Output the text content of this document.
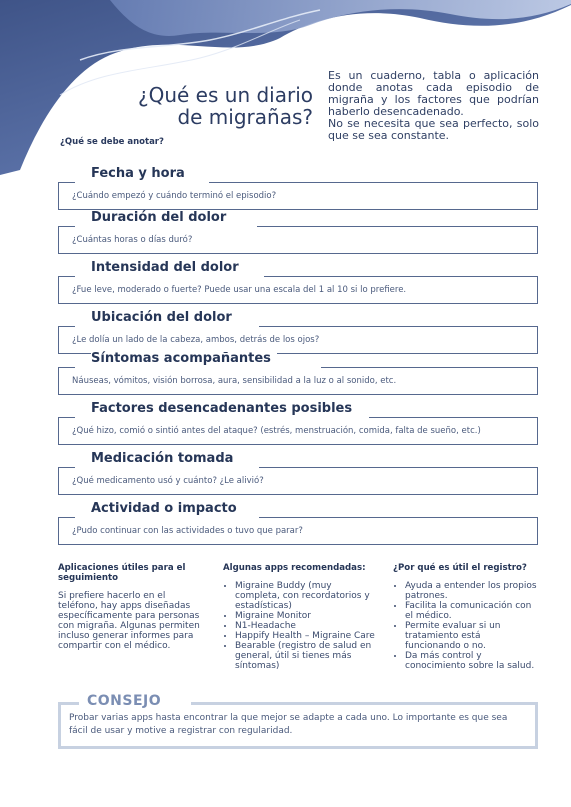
¿Qué es un diario
de migrañas?

Es un cuaderno, tabla o aplicación donde anotas cada episodio de migraña y los factores que podrían haberlo desencadenado.

No se necesita que sea perfecto, solo que se sea constante.

¿Qué se debe anotar?
Fecha y hora
¿Cuándo empezó y cuándo terminó el episodio?
Duración del dolor
¿Cuántas horas o días duró?
Intensidad del dolor
¿Fue leve, moderado o fuerte? Puede usar una escala del 1 al 10 si lo prefiere.
Ubicación del dolor
¿Le dolía un lado de la cabeza, ambos, detrás de los ojos?
Síntomas acompañantes
Náuseas, vómitos, visión borrosa, aura, sensibilidad a la luz o al sonido, etc.
Factores desencadenantes posibles
¿Qué hizo, comió o sintió antes del ataque? (estrés, menstruación, comida, falta de sueño, etc.)
Medicación tomada
¿Qué medicamento usó y cuánto? ¿Le alivió?
Actividad o impacto
¿Pudo continuar con las actividades o tuvo que parar?
Aplicaciones útiles para el seguimiento

Si prefiere hacerlo en el teléfono, hay apps diseñadas específicamente para personas con migraña. Algunas permiten incluso generar informes para compartir con el médico.

Algunas apps recomendadas:
• Migraine Buddy (muy completa, con recordatorios y estadísticas)
• Migraine Monitor
• N1-Headache
• Happify Health – Migraine Care
• Bearable (registro de salud en general, útil si tienes más síntomas)
¿Por qué es útil el registro?
• Ayuda a entender los propios patrones.
• Facilita la comunicación con el médico.
• Permite evaluar si un tratamiento está funcionando o no.
• Da más control y conocimiento sobre la salud.
CONSEJO
Probar varias apps hasta encontrar la que mejor se adapte a cada uno. Lo importante es que sea fácil de usar y motive a registrar con regularidad.
